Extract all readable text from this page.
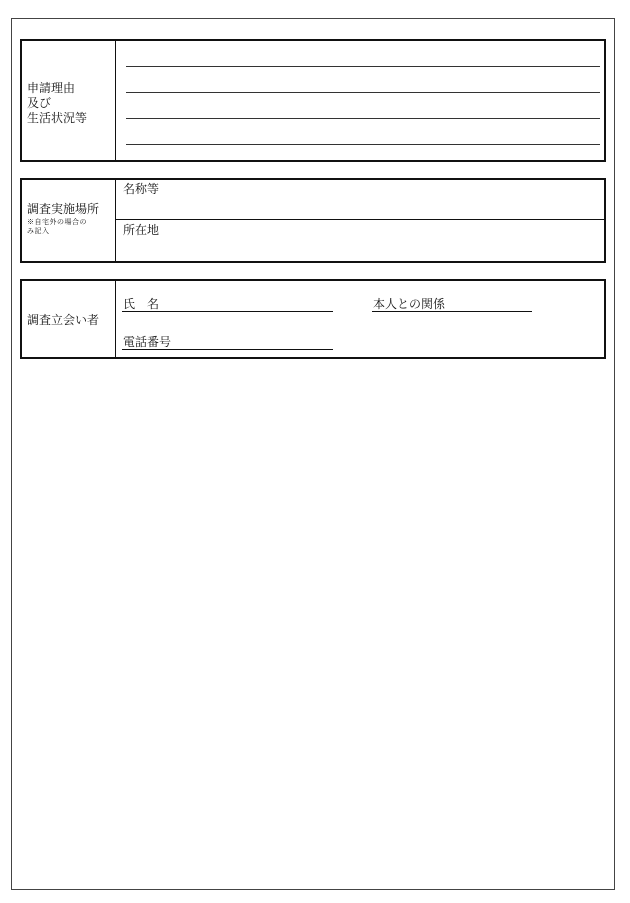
申請理由
及び
生活状況等
調査実施場所
※自宅外の場合の
み記入
名称等
所在地
調査立会い者
氏　名	本人との関係
電話番号
